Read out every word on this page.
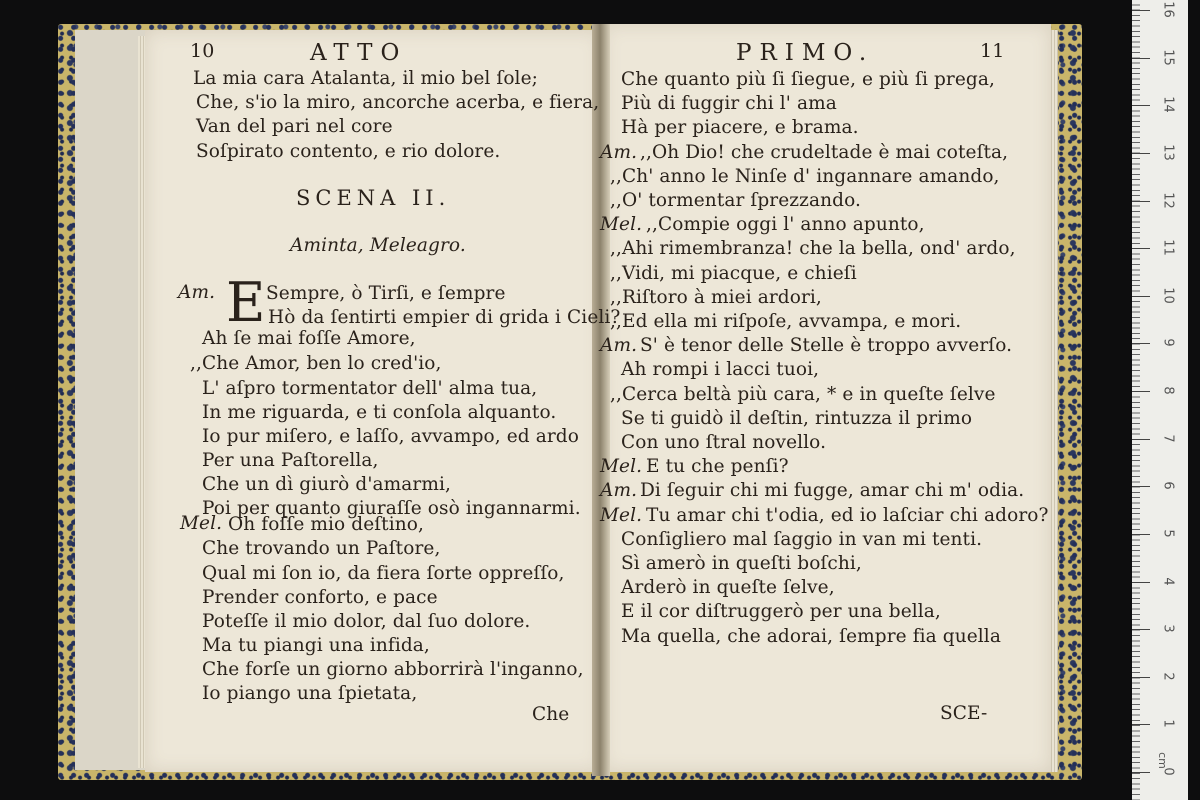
10	ATTO
La mia cara Atalanta, il mio bel ſole;
Che, s'io la miro, ancorche acerba, e fiera,
Van del pari nel core
Soſpirato contento, e rio dolore.
SCENA II.
Aminta, Meleagro.
Am. E Sempre, ò Tirſi, e ſempre
Hò da ſentirti empier di grida i Cieli?
Ah ſe mai foſſe Amore,
,,Che Amor, ben lo cred'io,
L' aſpro tormentator dell' alma tua,
In me riguarda, e ti conſola alquanto.
Io pur miſero, e laſſo, avvampo, ed ardo
Per una Paſtorella,
Che un dì giurò d'amarmi,
Poi per quanto giuraſſe osò ingannarmi.
Mel. Oh foſſe mio deſtino,
Che trovando un Paſtore,
Qual mi ſon io, da fiera ſorte oppreſſo,
Prender conforto, e pace
Poteſſe il mio dolor, dal ſuo dolore.
Ma tu piangi una infida,
Che forſe un giorno abborrirà l'inganno,
Io piango una ſpietata,
Che
PRIMO.	11
Che quanto più ſi ſiegue, e più ſi prega,
Più di fuggir chi l' ama
Hà per piacere, e brama.
Am. ,,Oh Dio! che crudeltade è mai coteſta,
,,Ch' anno le Ninſe d' ingannare amando,
,,O' tormentar ſprezzando.
Mel. ,,Compie oggi l' anno apunto,
,,Ahi rimembranza! che la bella, ond' ardo,
,,Vidi, mi piacque, e chieſi
,,Riſtoro à miei ardori,
,,Ed ella mi riſpoſe, avvampa, e mori.
Am. S' è tenor delle Stelle è troppo avverſo.
Ah rompi i lacci tuoi,
,,Cerca beltà più cara, * e in queſte ſelve
Se ti guidò il deſtin, rintuzza il primo
Con uno ſtral novello.
Mel. E tu che penſi?
Am. Di ſeguir chi mi fugge, amar chi m' odia.
Mel. Tu amar chi t'odia, ed io laſciar chi adoro?
Conſigliero mal ſaggio in van mi tenti.
Sì amerò in queſti boſchi,
Arderò in queſte ſelve,
E il cor diſtruggerò per una bella,
Ma quella, che adorai, ſempre fia quella
SCE-
cm
16
15
14
13
12
11
10
9
8
7
6
5
4
3
2
1
0
